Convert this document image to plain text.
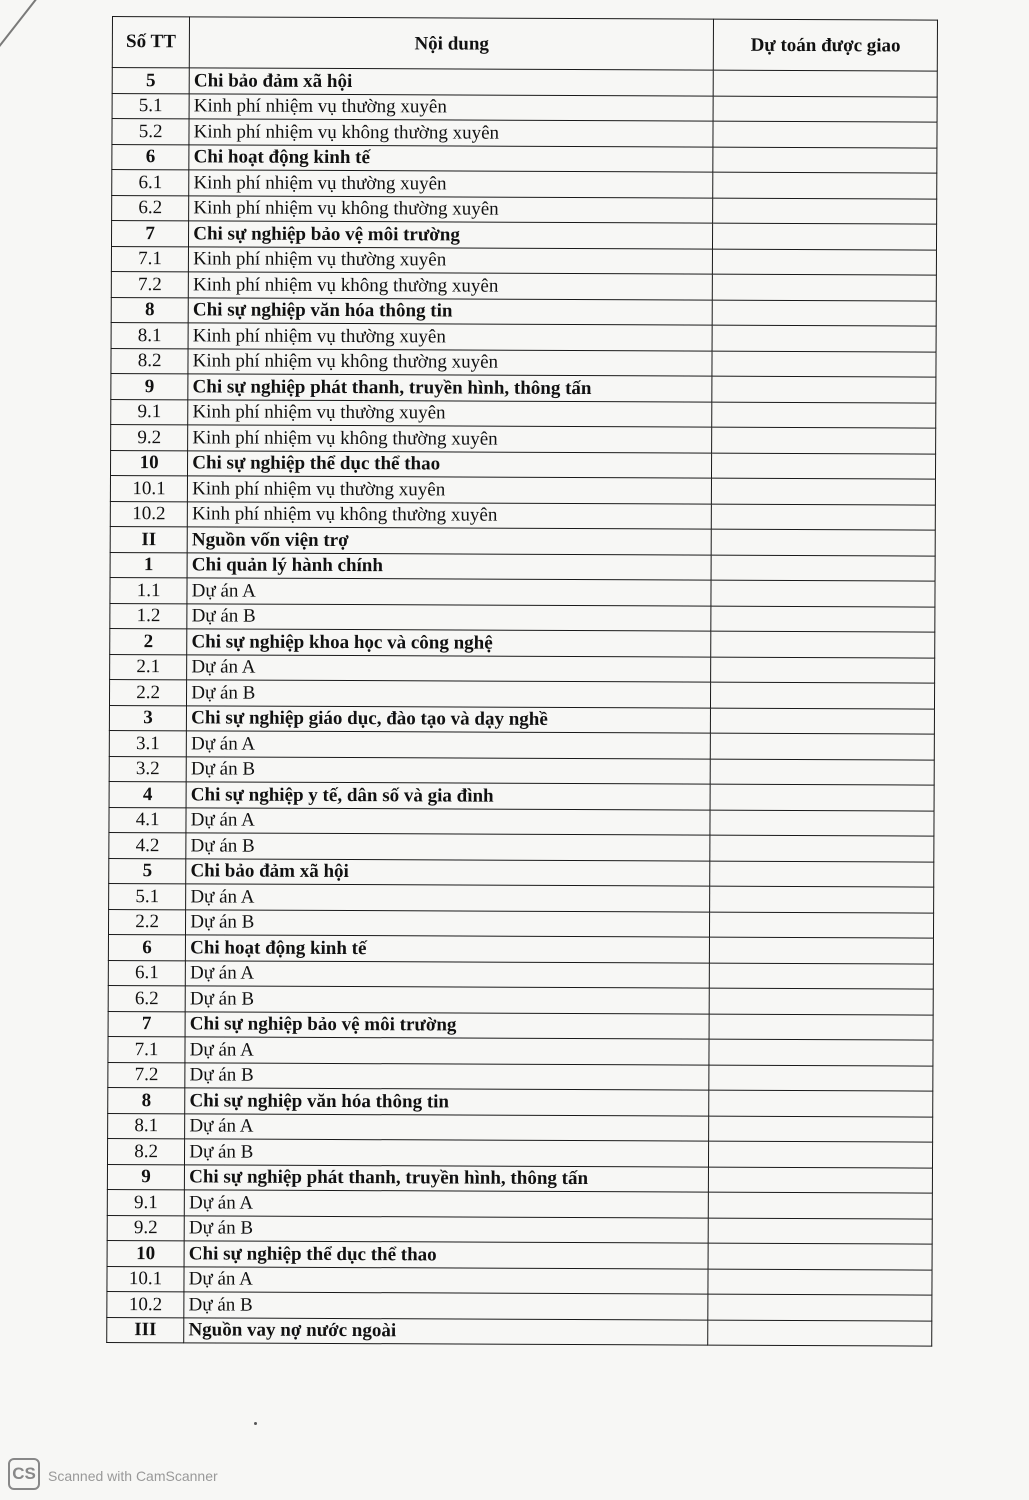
Số TT	Nội dung	Dự toán được giao
5	Chi bảo đảm xã hội	
5.1	Kinh phí nhiệm vụ thường xuyên	
5.2	Kinh phí nhiệm vụ không thường xuyên	
6	Chi hoạt động kinh tế	
6.1	Kinh phí nhiệm vụ thường xuyên	
6.2	Kinh phí nhiệm vụ không thường xuyên	
7	Chi sự nghiệp bảo vệ môi trường	
7.1	Kinh phí nhiệm vụ thường xuyên	
7.2	Kinh phí nhiệm vụ không thường xuyên	
8	Chi sự nghiệp văn hóa thông tin	
8.1	Kinh phí nhiệm vụ thường xuyên	
8.2	Kinh phí nhiệm vụ không thường xuyên	
9	Chi sự nghiệp phát thanh, truyền hình, thông tấn	
9.1	Kinh phí nhiệm vụ thường xuyên	
9.2	Kinh phí nhiệm vụ không thường xuyên	
10	Chi sự nghiệp thể dục thể thao	
10.1	Kinh phí nhiệm vụ thường xuyên	
10.2	Kinh phí nhiệm vụ không thường xuyên	
II	Nguồn vốn viện trợ	
1	Chi quản lý hành chính	
1.1	Dự án A	
1.2	Dự án B	
2	Chi sự nghiệp khoa học và công nghệ	
2.1	Dự án A	
2.2	Dự án B	
3	Chi sự nghiệp giáo dục, đào tạo và dạy nghề	
3.1	Dự án A	
3.2	Dự án B	
4	Chi sự nghiệp y tế, dân số và gia đình	
4.1	Dự án A	
4.2	Dự án B	
5	Chi bảo đảm xã hội	
5.1	Dự án A	
2.2	Dự án B	
6	Chi hoạt động kinh tế	
6.1	Dự án A	
6.2	Dự án B	
7	Chi sự nghiệp bảo vệ môi trường	
7.1	Dự án A	
7.2	Dự án B	
8	Chi sự nghiệp văn hóa thông tin	
8.1	Dự án A	
8.2	Dự án B	
9	Chi sự nghiệp phát thanh, truyền hình, thông tấn	
9.1	Dự án A	
9.2	Dự án B	
10	Chi sự nghiệp thể dục thể thao	
10.1	Dự án A	
10.2	Dự án B	
III	Nguồn vay nợ nước ngoài	
CS Scanned with CamScanner
